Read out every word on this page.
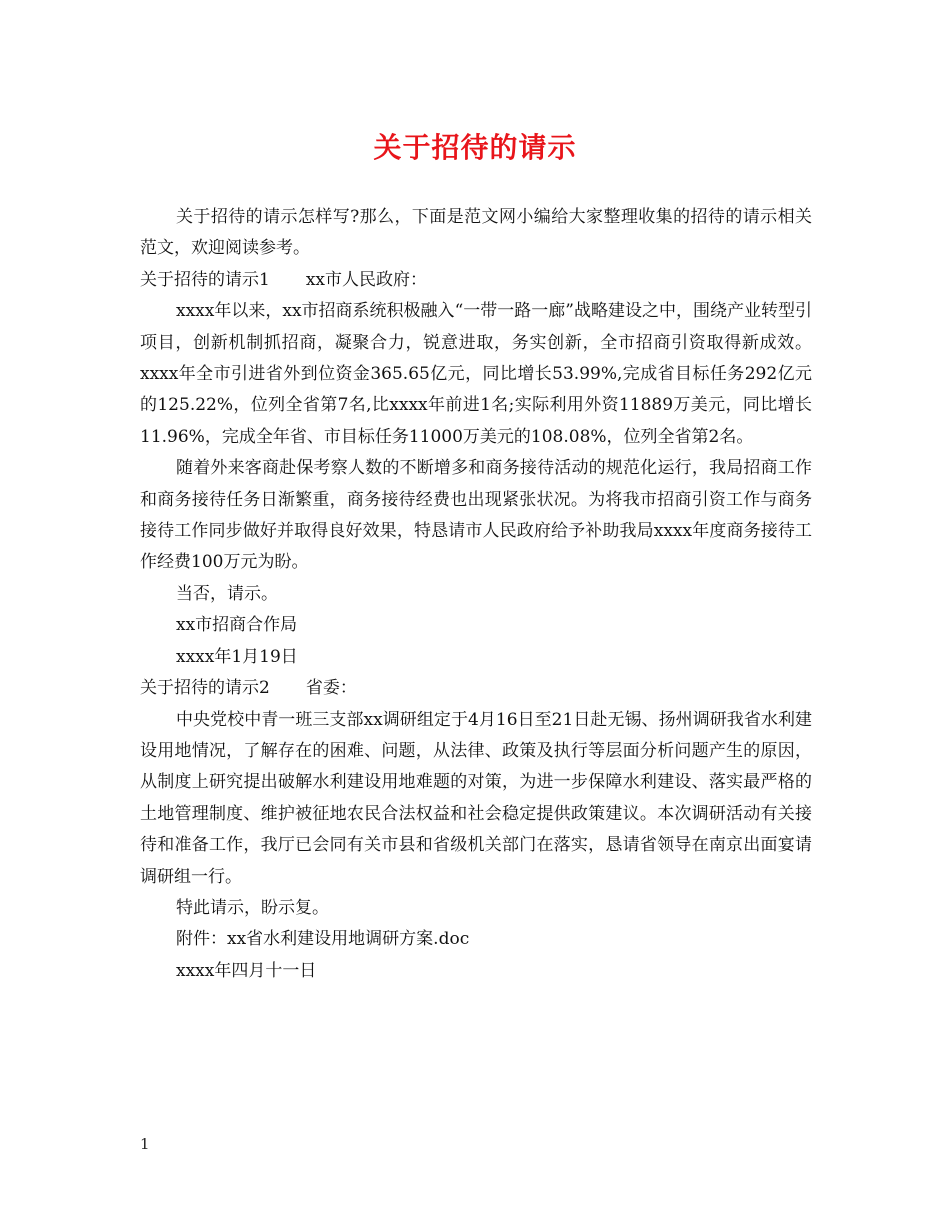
关于招待的请示

关于招待的请示怎样写?那么，下面是范文网小编给大家整理收集的招待的请示相关范文，欢迎阅读参考。

关于招待的请示1 xx市人民政府：

xxxx年以来，xx市招商系统积极融入“一带一路一廊”战略建设之中，围绕产业转型引项目，创新机制抓招商，凝聚合力，锐意进取，务实创新，全市招商引资取得新成效。xxxx年全市引进省外到位资金365.65亿元，同比增长53.99%,完成省目标任务292亿元的125.22%，位列全省第7名,比xxxx年前进1名;实际利用外资11889万美元，同比增长11.96%，完成全年省、市目标任务11000万美元的108.08%，位列全省第2名。

随着外来客商赴保考察人数的不断增多和商务接待活动的规范化运行，我局招商工作和商务接待任务日渐繁重，商务接待经费也出现紧张状况。为将我市招商引资工作与商务接待工作同步做好并取得良好效果，特恳请市人民政府给予补助我局xxxx年度商务接待工作经费100万元为盼。

当否，请示。

xx市招商合作局

xxxx年1月19日

关于招待的请示2 省委：

中央党校中青一班三支部xx调研组定于4月16日至21日赴无锡、扬州调研我省水利建设用地情况，了解存在的困难、问题，从法律、政策及执行等层面分析问题产生的原因，从制度上研究提出破解水利建设用地难题的对策，为进一步保障水利建设、落实最严格的土地管理制度、维护被征地农民合法权益和社会稳定提供政策建议。本次调研活动有关接待和准备工作，我厅已会同有关市县和省级机关部门在落实，恳请省领导在南京出面宴请调研组一行。

特此请示，盼示复。

附件：xx省水利建设用地调研方案.doc

xxxx年四月十一日

1
